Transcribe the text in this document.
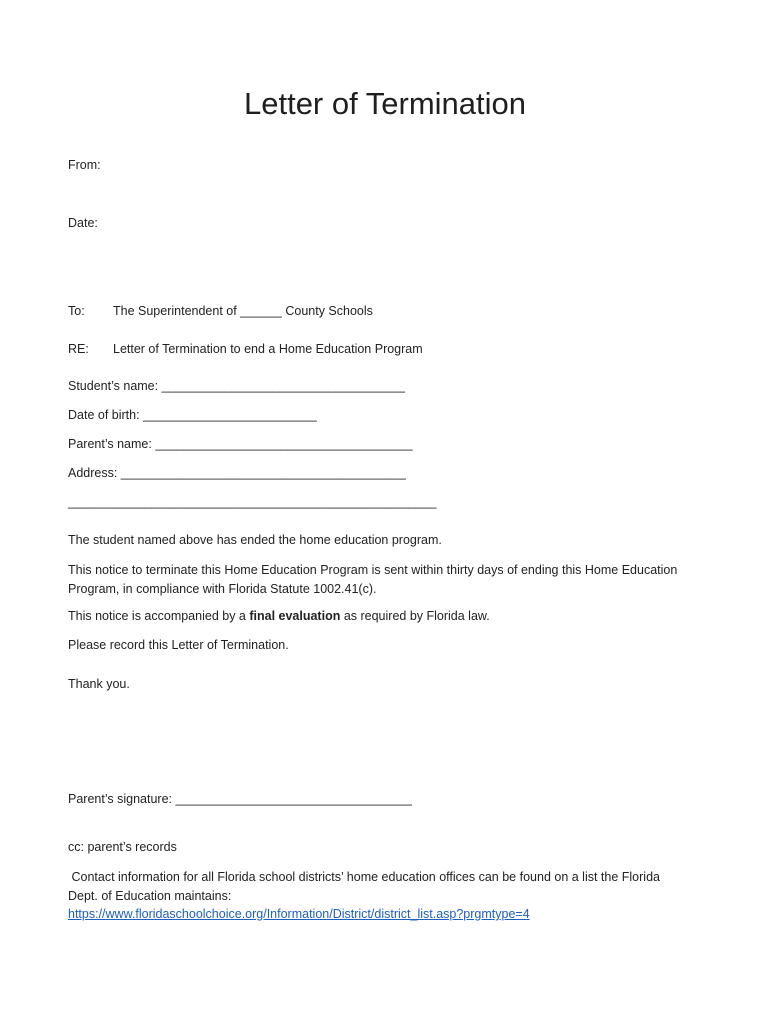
Letter of Termination
From:
Date:
To: The Superintendent of ______ County Schools
RE: Letter of Termination to end a Home Education Program
Student’s name: ___________________________________
Date of birth: _________________________
Parent’s name: _____________________________________
Address: _________________________________________
_____________________________________________________
The student named above has ended the home education program.
This notice to terminate this Home Education Program is sent within thirty days of ending this Home Education
Program, in compliance with Florida Statute 1002.41(c).
This notice is accompanied by a final evaluation as required by Florida law.
Please record this Letter of Termination.
Thank you.
Parent’s signature: __________________________________
cc: parent’s records
Contact information for all Florida school districts’ home education offices can be found on a list the Florida
Dept. of Education maintains:
https://www.floridaschoolchoice.org/Information/District/district_list.asp?prgmtype=4
